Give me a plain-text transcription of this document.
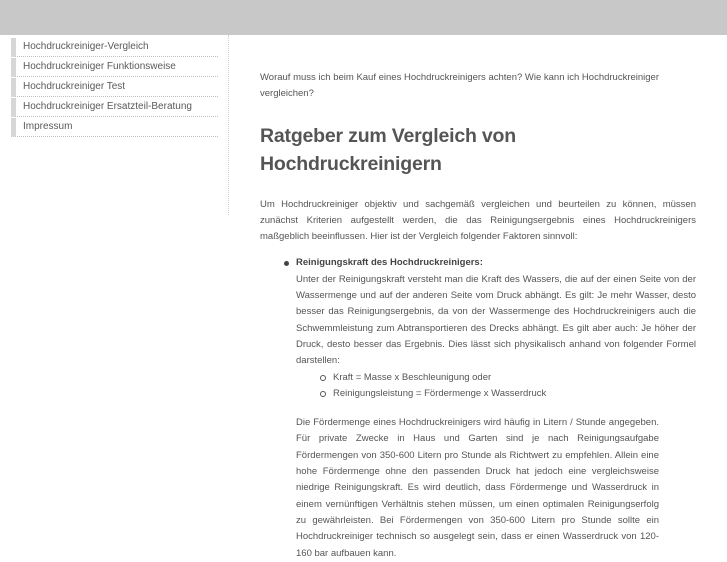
Hochdruckreiniger-Vergleich
Hochdruckreiniger Funktionsweise
Hochdruckreiniger Test
Hochdruckreiniger Ersatzteil-Beratung
Impressum

Worauf muss ich beim Kauf eines Hochdruckreinigers achten? Wie kann ich Hochdruckreiniger vergleichen?

Ratgeber zum Vergleich von Hochdruckreinigern

Um Hochdruckreiniger objektiv und sachgemäß vergleichen und beurteilen zu können, müssen zunächst Kriterien aufgestellt werden, die das Reinigungsergebnis eines Hochdruckreinigers maßgeblich beeinflussen. Hier ist der Vergleich folgender Faktoren sinnvoll:

Reinigungskraft des Hochdruckreinigers:
Unter der Reinigungskraft versteht man die Kraft des Wassers, die auf der einen Seite von der Wassermenge und auf der anderen Seite vom Druck abhängt. Es gilt: Je mehr Wasser, desto besser das Reinigungsergebnis, da von der Wassermenge des Hochdruckreinigers auch die Schwemmleistung zum Abtransportieren des Drecks abhängt. Es gilt aber auch: Je höher der Druck, desto besser das Ergebnis. Dies lässt sich physikalisch anhand von folgender Formel darstellen:
Kraft = Masse x Beschleunigung oder
Reinigungsleistung = Fördermenge x Wasserdruck

Die Fördermenge eines Hochdruckreinigers wird häufig in Litern / Stunde angegeben. Für private Zwecke in Haus und Garten sind je nach Reinigungsaufgabe Fördermengen von 350-600 Litern pro Stunde als Richtwert zu empfehlen. Allein eine hohe Fördermenge ohne den passenden Druck hat jedoch eine vergleichsweise niedrige Reinigungskraft. Es wird deutlich, dass Fördermenge und Wasserdruck in einem vernünftigen Verhältnis stehen müssen, um einen optimalen Reinigungserfolg zu gewährleisten. Bei Fördermengen von 350-600 Litern pro Stunde sollte ein Hochdruckreiniger technisch so ausgelegt sein, dass er einen Wasserdruck von 120-160 bar aufbauen kann.
